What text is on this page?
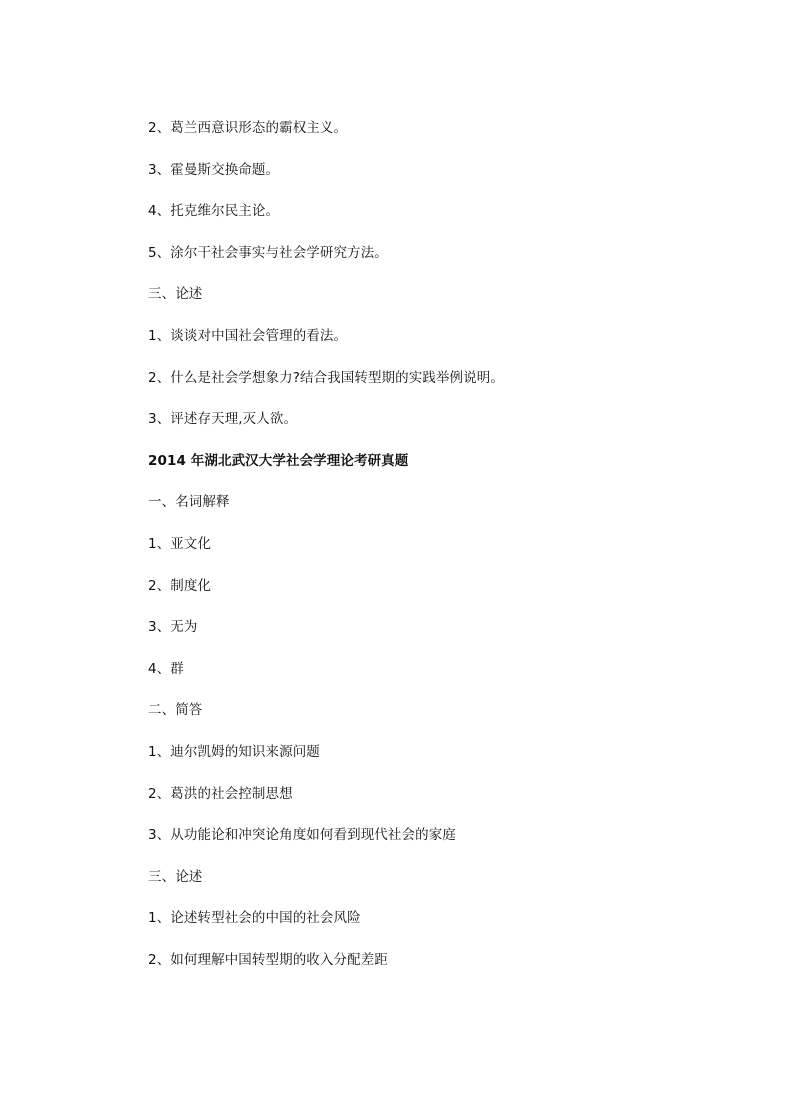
2、葛兰西意识形态的霸权主义。
3、霍曼斯交换命题。
4、托克维尔民主论。
5、涂尔干社会事实与社会学研究方法。
三、论述
1、谈谈对中国社会管理的看法。
2、什么是社会学想象力?结合我国转型期的实践举例说明。
3、评述存天理,灭人欲。
2014 年湖北武汉大学社会学理论考研真题
一、名词解释
1、亚文化
2、制度化
3、无为
4、群
二、简答
1、迪尔凯姆的知识来源问题
2、葛洪的社会控制思想
3、从功能论和冲突论角度如何看到现代社会的家庭
三、论述
1、论述转型社会的中国的社会风险
2、如何理解中国转型期的收入分配差距
